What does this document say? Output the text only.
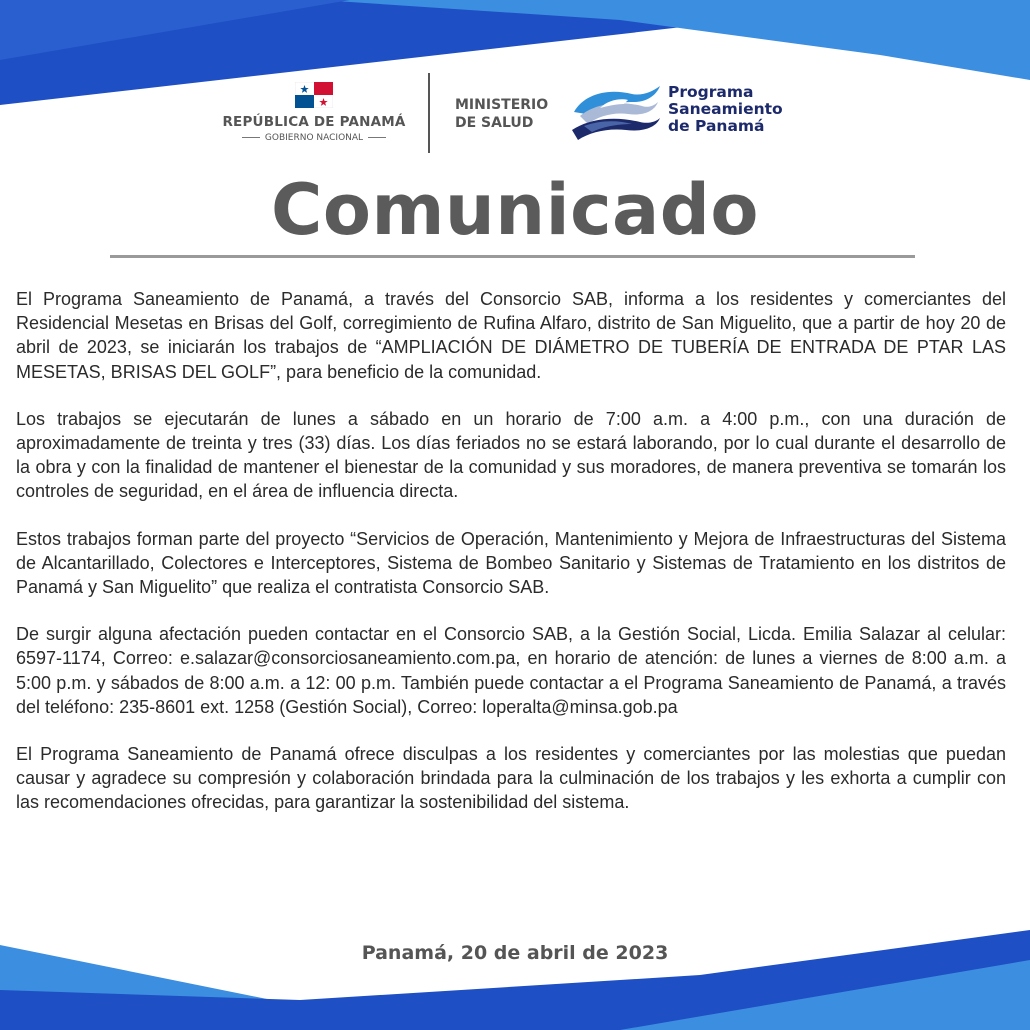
REPÚBLICA DE PANAMÁ
GOBIERNO NACIONAL
MINISTERIO
DE SALUD
Programa
Saneamiento
de Panamá
Comunicado

El Programa Saneamiento de Panamá, a través del Consorcio SAB, informa a los residentes y comerciantes del Residencial Mesetas en Brisas del Golf, corregimiento de Rufina Alfaro, distrito de San Miguelito, que a partir de hoy 20 de abril de 2023, se iniciarán los trabajos de “AMPLIACIÓN DE DIÁMETRO DE TUBERÍA DE ENTRADA DE PTAR LAS MESETAS, BRISAS DEL GOLF”, para beneficio de la comunidad.

Los trabajos se ejecutarán de lunes a sábado en un horario de 7:00 a.m. a 4:00 p.m., con una duración de aproximadamente de treinta y tres (33) días. Los días feriados no se estará laborando, por lo cual durante el desarrollo de la obra y con la finalidad de mantener el bienestar de la comunidad y sus moradores, de manera preventiva se tomarán los controles de seguridad, en el área de influencia directa.

Estos trabajos forman parte del proyecto “Servicios de Operación, Mantenimiento y Mejora de Infraestructuras del Sistema de Alcantarillado, Colectores e Interceptores, Sistema de Bombeo Sanitario y Sistemas de Tratamiento en los distritos de Panamá y San Miguelito” que realiza el contratista Consorcio SAB.

De surgir alguna afectación pueden contactar en el Consorcio SAB, a la Gestión Social, Licda. Emilia Salazar al celular: 6597-1174, Correo: e.salazar@consorciosaneamiento.com.pa, en horario de atención: de lunes a viernes de 8:00 a.m. a 5:00 p.m. y sábados de 8:00 a.m. a 12: 00 p.m. También puede contactar a el Programa Saneamiento de Panamá, a través del teléfono: 235-8601 ext. 1258 (Gestión Social), Correo: loperalta@minsa.gob.pa

El Programa Saneamiento de Panamá ofrece disculpas a los residentes y comerciantes por las molestias que puedan causar y agradece su compresión y colaboración brindada para la culminación de los trabajos y les exhorta a cumplir con las recomendaciones ofrecidas, para garantizar la sostenibilidad del sistema.

Panamá, 20 de abril de 2023
